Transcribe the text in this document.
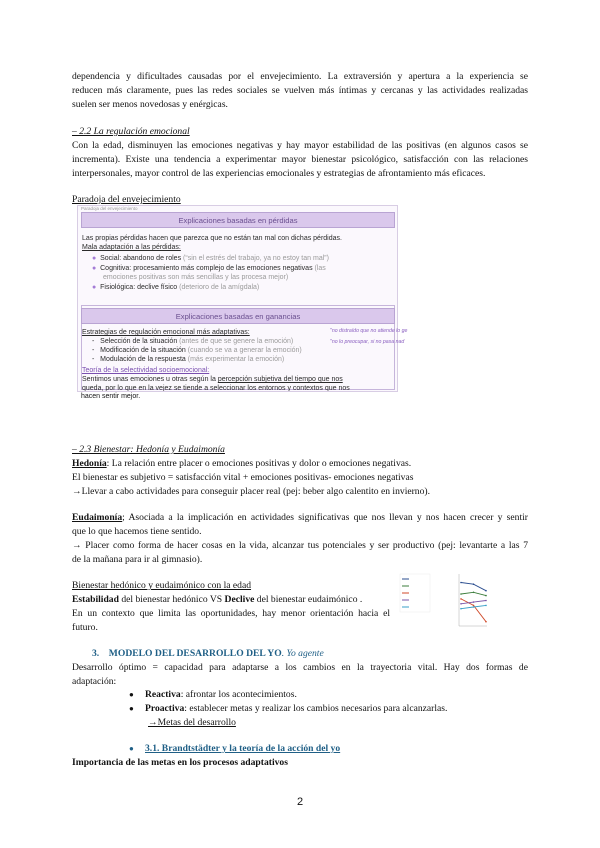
dependencia y dificultades causadas por el envejecimiento. La extraversión y apertura a la experiencia se
reducen más claramente, pues las redes sociales se vuelven más íntimas y cercanas y las actividades realizadas
suelen ser menos novedosas y enérgicas.
– 2.2 La regulación emocional
Con la edad, disminuyen las emociones negativas y hay mayor estabilidad de las positivas (en algunos casos se
incrementa). Existe una tendencia a experimentar mayor bienestar psicológico, satisfacción con las relaciones
interpersonales, mayor control de las experiencias emocionales y estrategias de afrontamiento más eficaces.
Paradoja del envejecimiento
Paradoja del envejecimiento
Explicaciones basadas en pérdidas
Las propias pérdidas hacen que parezca que no están tan mal con dichas pérdidas.
Mala adaptación a las pérdidas:
● Social: abandono de roles (“sin el estrés del trabajo, ya no estoy tan mal”)
● Cognitiva: procesamiento más complejo de las emociones negativas (las
emociones positivas son más sencillas y las procesa mejor)
● Fisiológica: declive físico (deterioro de la amígdala)
Explicaciones basadas en ganancias
Estrategias de regulación emocional más adaptativas:
-   Selección de la situación (antes de que se genere la emoción)
-   Modificación de la situación (cuando se va a generar la emoción)
-   Modulación de la respuesta (más experimentar la emoción)
Teoría de la selectividad socioemocional:
Sentimos unas emociones u otras según la percepción subjetiva del tiempo que nos
queda, por lo que en la vejez se tiende a seleccionar los entornos y contextos que nos
hacen sentir mejor.
"no distraído que no atiende lo ge
"no lo preocupar, si no pasa nad
– 2.3 Bienestar: Hedonía y Eudaimonía
Hedonía: La relación entre placer o emociones positivas y dolor o emociones negativas.
El bienestar es subjetivo = satisfacción vital + emociones positivas- emociones negativas
→Llevar a cabo actividades para conseguir placer real (pej: beber algo calentito en invierno).
Eudaimonía; Asociada a la implicación en actividades significativas que nos llevan y nos hacen crecer y sentir
que lo que hacemos tiene sentido.
→ Placer como forma de hacer cosas en la vida, alcanzar tus potenciales y ser productivo (pej: levantarte a las 7
de la mañana para ir al gimnasio).
Bienestar hedónico y eudaimónico con la edad
Estabilidad del bienestar hedónico VS Declive del bienestar eudaimónico .
En un contexto que limita las oportunidades, hay menor orientación hacia el
futuro.
3. MODELO DEL DESARROLLO DEL YO. Yo agente
Desarrollo óptimo = capacidad para adaptarse a los cambios en la trayectoria vital. Hay dos formas de
adaptación:
● Reactiva: afrontar los acontecimientos.
● Proactiva: establecer metas y realizar los cambios necesarios para alcanzarlas.
→Metas del desarrollo
● 3.1. Brandtstädter y la teoría de la acción del yo
Importancia de las metas en los procesos adaptativos
2
